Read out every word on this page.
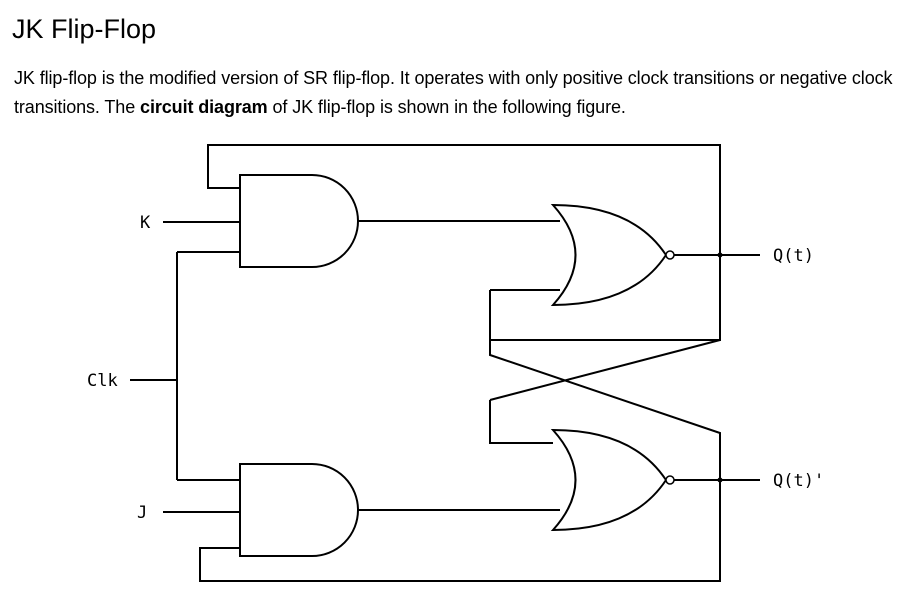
JK Flip-Flop

JK flip-flop is the modified version of SR flip-flop. It operates with only positive clock transitions or negative clock transitions. The circuit diagram of JK flip-flop is shown in the following figure.

K
Clk
J
Q(t)
Q(t)'
